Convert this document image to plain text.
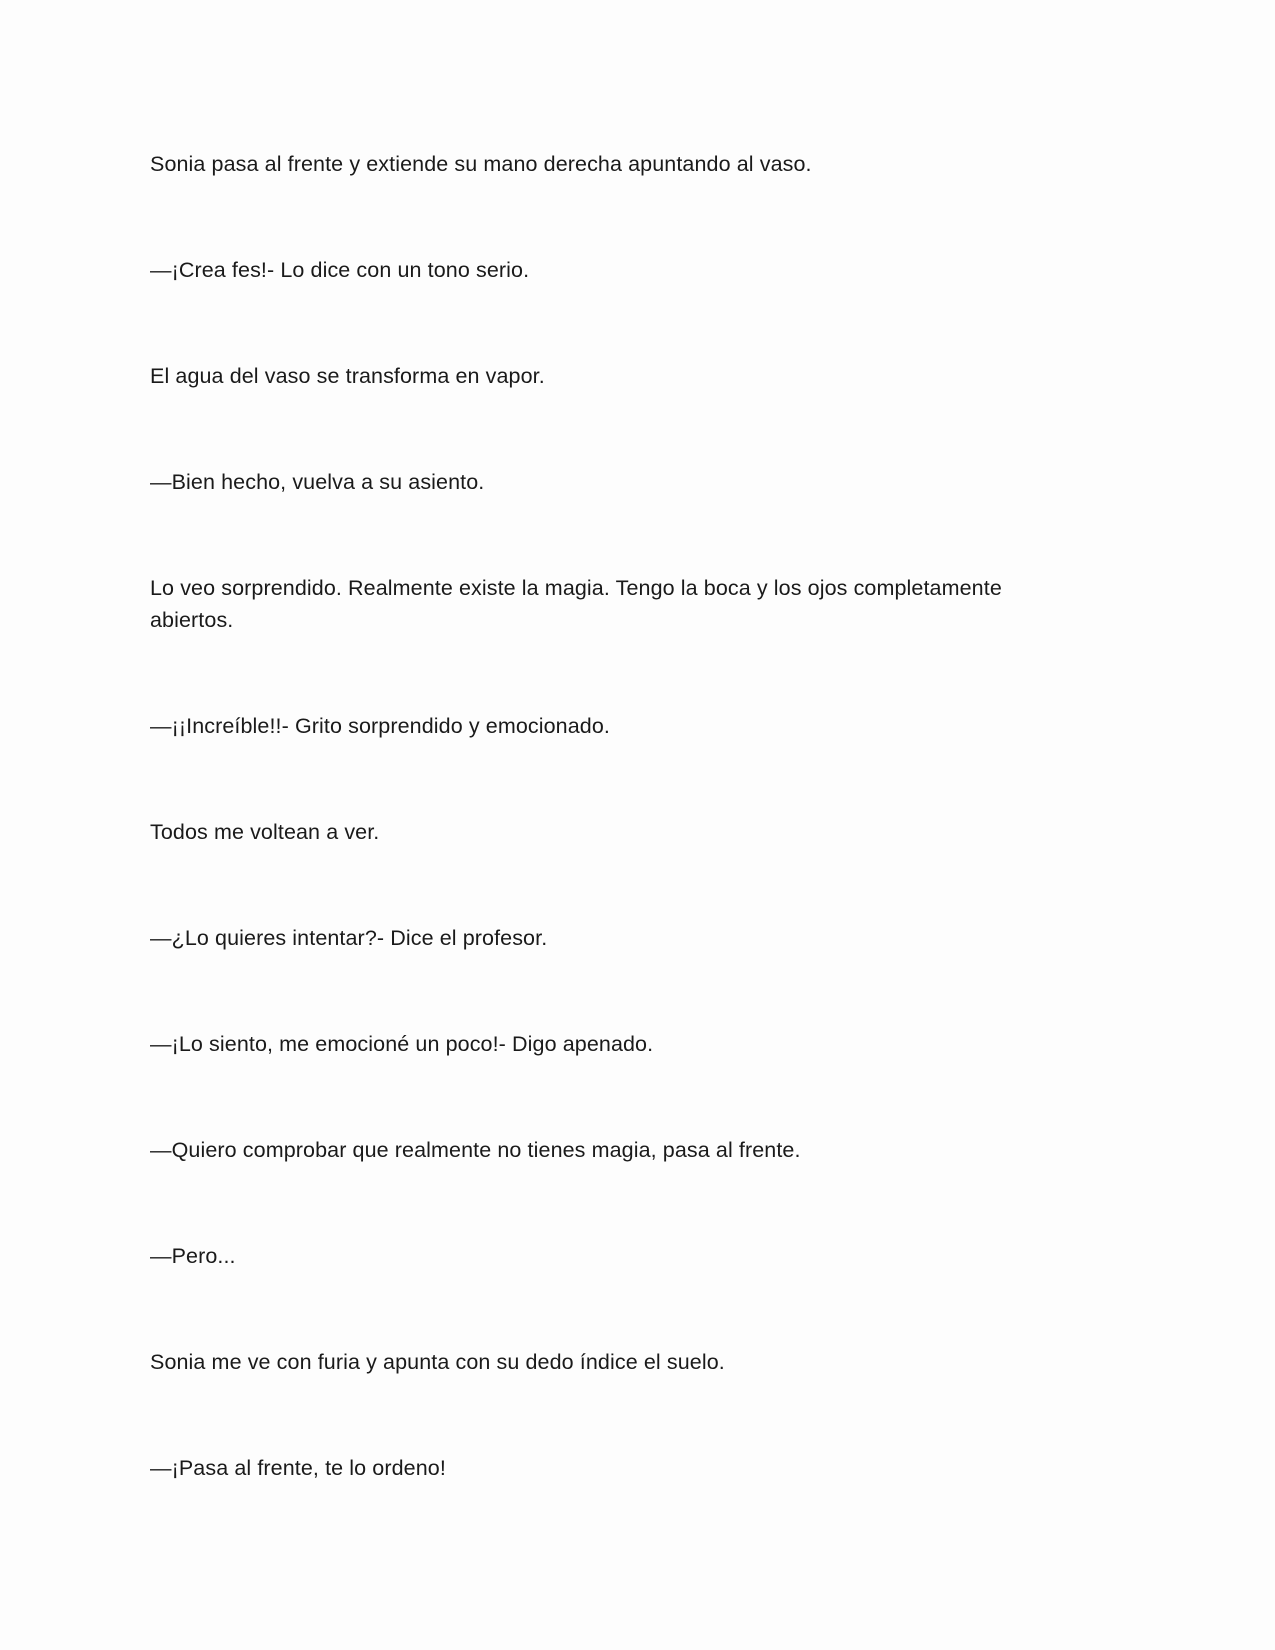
Sonia pasa al frente y extiende su mano derecha apuntando al vaso.

—¡Crea fes!- Lo dice con un tono serio.

El agua del vaso se transforma en vapor.

—Bien hecho, vuelva a su asiento.

Lo veo sorprendido. Realmente existe la magia. Tengo la boca y los ojos completamente abiertos.

—¡¡Increíble!!- Grito sorprendido y emocionado.

Todos me voltean a ver.

—¿Lo quieres intentar?- Dice el profesor.

—¡Lo siento, me emocioné un poco!- Digo apenado.

—Quiero comprobar que realmente no tienes magia, pasa al frente.

—Pero...

Sonia me ve con furia y apunta con su dedo índice el suelo.

—¡Pasa al frente, te lo ordeno!
